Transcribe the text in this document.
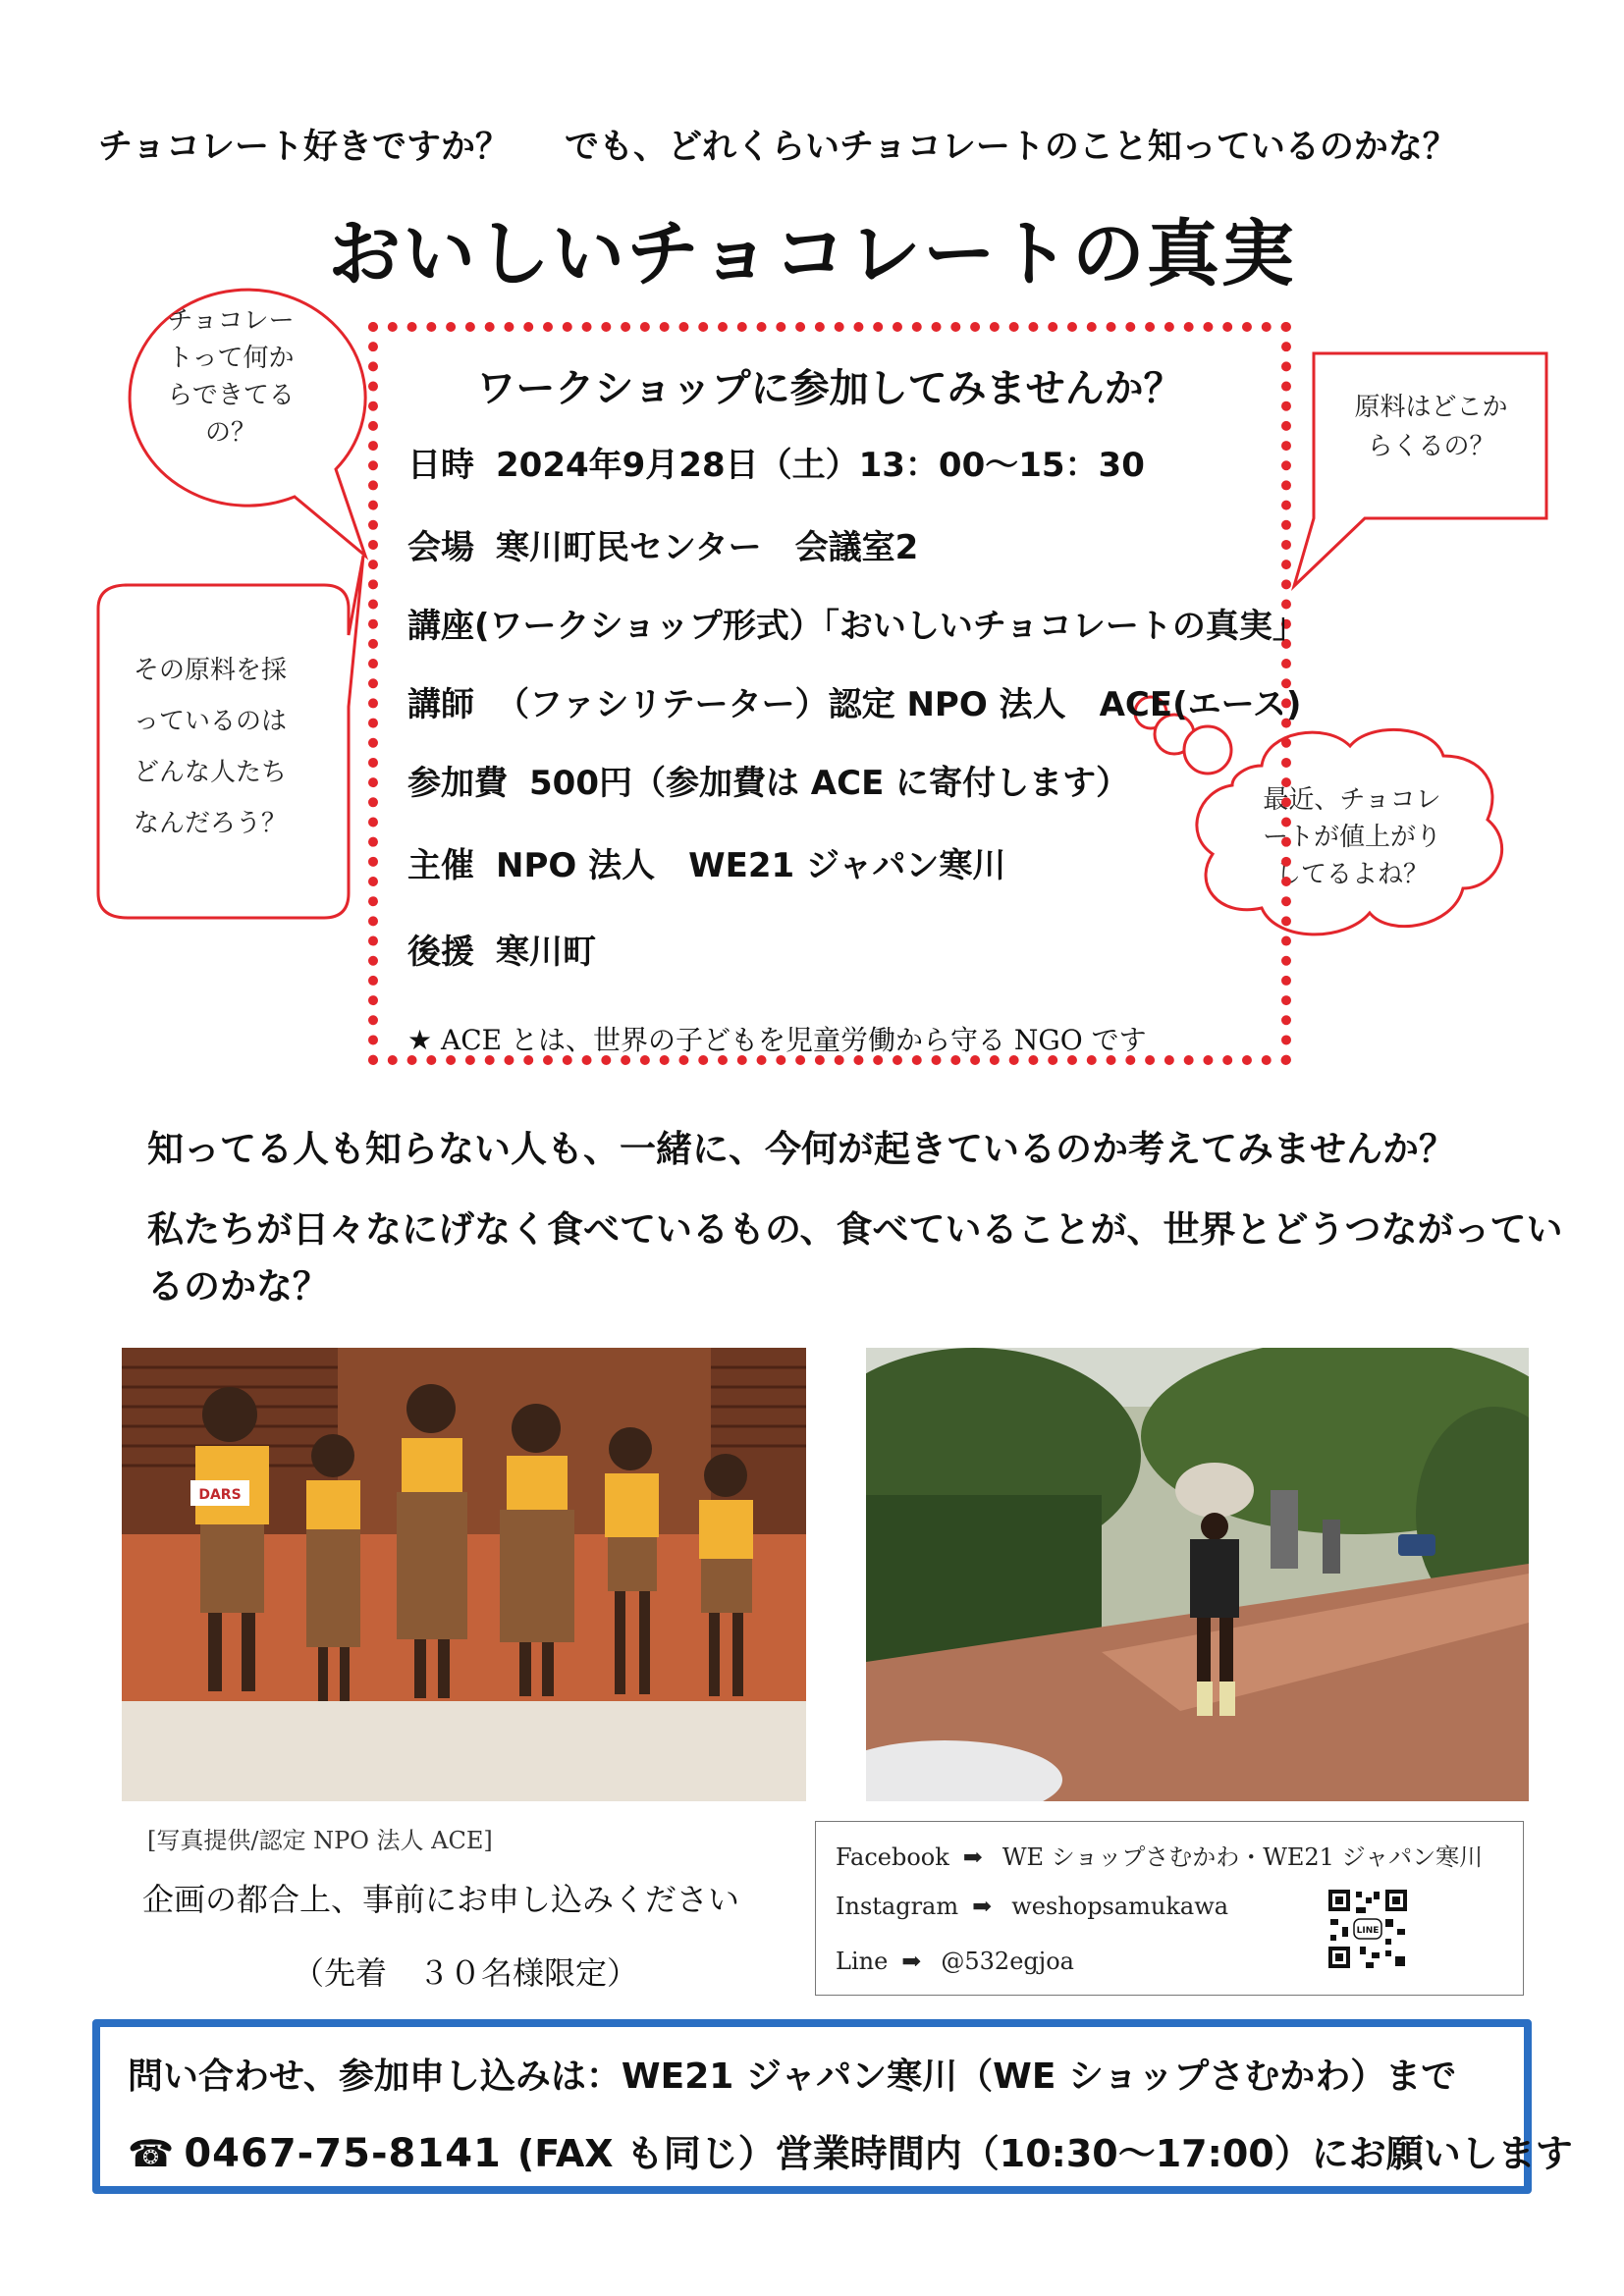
チョコレート好きですか？ でも、どれくらいチョコレートのこと知っているのかな？
おいしいチョコレートの真実
チョコレー
トって何か
らできてる
の？
その原料を採
っているのは
どんな人たち
なんだろう？
原料はどこか
らくるの？
最近、チョコレ
ートが値上がり
してるよね？
ワークショップに参加してみませんか？
日時 2024年9月28日（土）13：00～15：30
会場 寒川町民センター　会議室2
講座(ワークショップ形式）「おいしいチョコレートの真実」
講師 （ファシリテーター）認定 NPO 法人　ACE(エース)
参加費 500円（参加費は ACE に寄付します）
主催 NPO 法人　WE21 ジャパン寒川
後援 寒川町
★ ACE とは、世界の子どもを児童労働から守る NGO です
知ってる人も知らない人も、一緒に、今何が起きているのか考えてみませんか？
私たちが日々なにげなく食べているもの、食べていることが、世界とどうつながってい
るのかな？
DARS
[写真提供/認定 NPO 法人 ACE]
企画の都合上、事前にお申し込みください
（先着　３０名様限定）
Facebook ➡ WE ショップさむかわ・WE21 ジャパン寒川
Instagram ➡ weshopsamukawa
Line ➡ @532egjoa
LINE
問い合わせ、参加申し込みは：WE21 ジャパン寒川（WE ショップさむかわ）まで
☎ 0467-75-8141 (FAX も同じ）営業時間内（10:30～17:00）にお願いします
